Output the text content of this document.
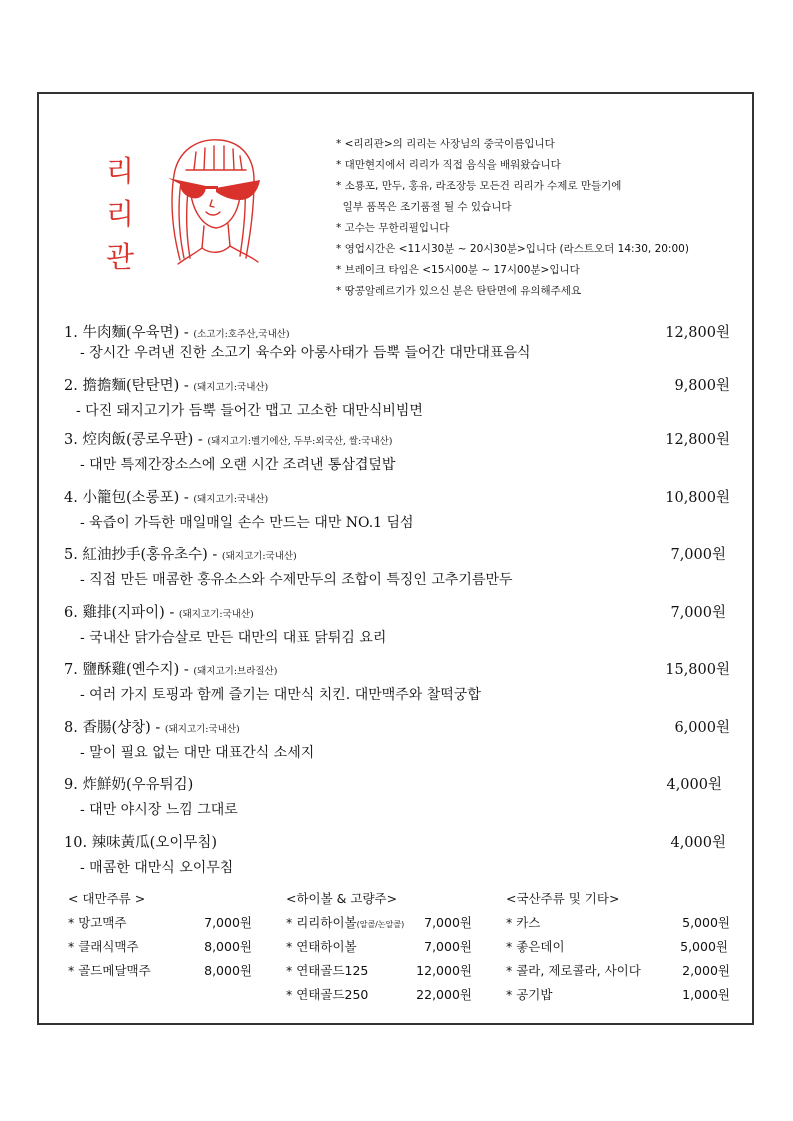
리
리
관
* <리리관>의 리리는 사장님의 중국이름입니다
* 대만현지에서 리리가 직접 음식을 배워왔습니다
* 소룡포, 만두, 홍유, 라조장등 모든건 리리가 수제로 만들기에
일부 품목은 조기품절 될 수 있습니다
* 고수는 무한리필입니다
* 영업시간은 <11시30분 ~ 20시30분>입니다 (라스트오더 14:30, 20:00)
* 브레이크 타임은 <15시00분 ~ 17시00분>입니다
* 땅콩알레르기가 있으신 분은 탄탄면에 유의해주세요
1. 牛肉麵(우육면) - (소고기:호주산,국내산)	12,800원
- 장시간 우려낸 진한 소고기 육수와 아롱사태가 듬뿍 들어간 대만대표음식
2. 擔擔麵(탄탄면) - (돼지고기:국내산)	9,800원
- 다진 돼지고기가 듬뿍 들어간 맵고 고소한 대만식비빔면
3. 焢肉飯(콩로우판) - (돼지고기:벨기에산, 두부:외국산, 쌀:국내산)	12,800원
- 대만 특제간장소스에 오랜 시간 조려낸 통삼겹덮밥
4. 小籠包(소롱포) - (돼지고기:국내산)	10,800원
- 육즙이 가득한 매일매일 손수 만드는 대만 NO.1 딤섬
5. 紅油抄手(홍유초수) - (돼지고기:국내산)	7,000원
- 직접 만든 매콤한 홍유소스와 수제만두의 조합이 특징인 고추기름만두
6. 雞排(지파이) - (돼지고기:국내산)	7,000원
- 국내산 닭가슴살로 만든 대만의 대표 닭튀김 요리
7. 鹽酥雞(옌수지) - (돼지고기:브라질산)	15,800원
- 여러 가지 토핑과 함께 즐기는 대만식 치킨. 대만맥주와 찰떡궁합
8. 香腸(샹창) - (돼지고기:국내산)	6,000원
- 말이 필요 없는 대만 대표간식 소세지
9. 炸鮮奶(우유튀김)	4,000원
- 대만 야시장 느낌 그대로
10. 辣味黃瓜(오이무침)	4,000원
- 매콤한 대만식 오이무침
< 대만주류 >
* 망고맥주	7,000원
* 클래식맥주	8,000원
* 골드메달맥주	8,000원
<하이볼 & 고량주>
* 리리하이볼(알콜/논알콜)	7,000원
* 연태하이볼	7,000원
* 연태골드125	12,000원
* 연태골드250	22,000원
<국산주류 및 기타>
* 카스	5,000원
* 좋은데이	5,000원
* 콜라, 제로콜라, 사이다	2,000원
* 공기밥	1,000원
